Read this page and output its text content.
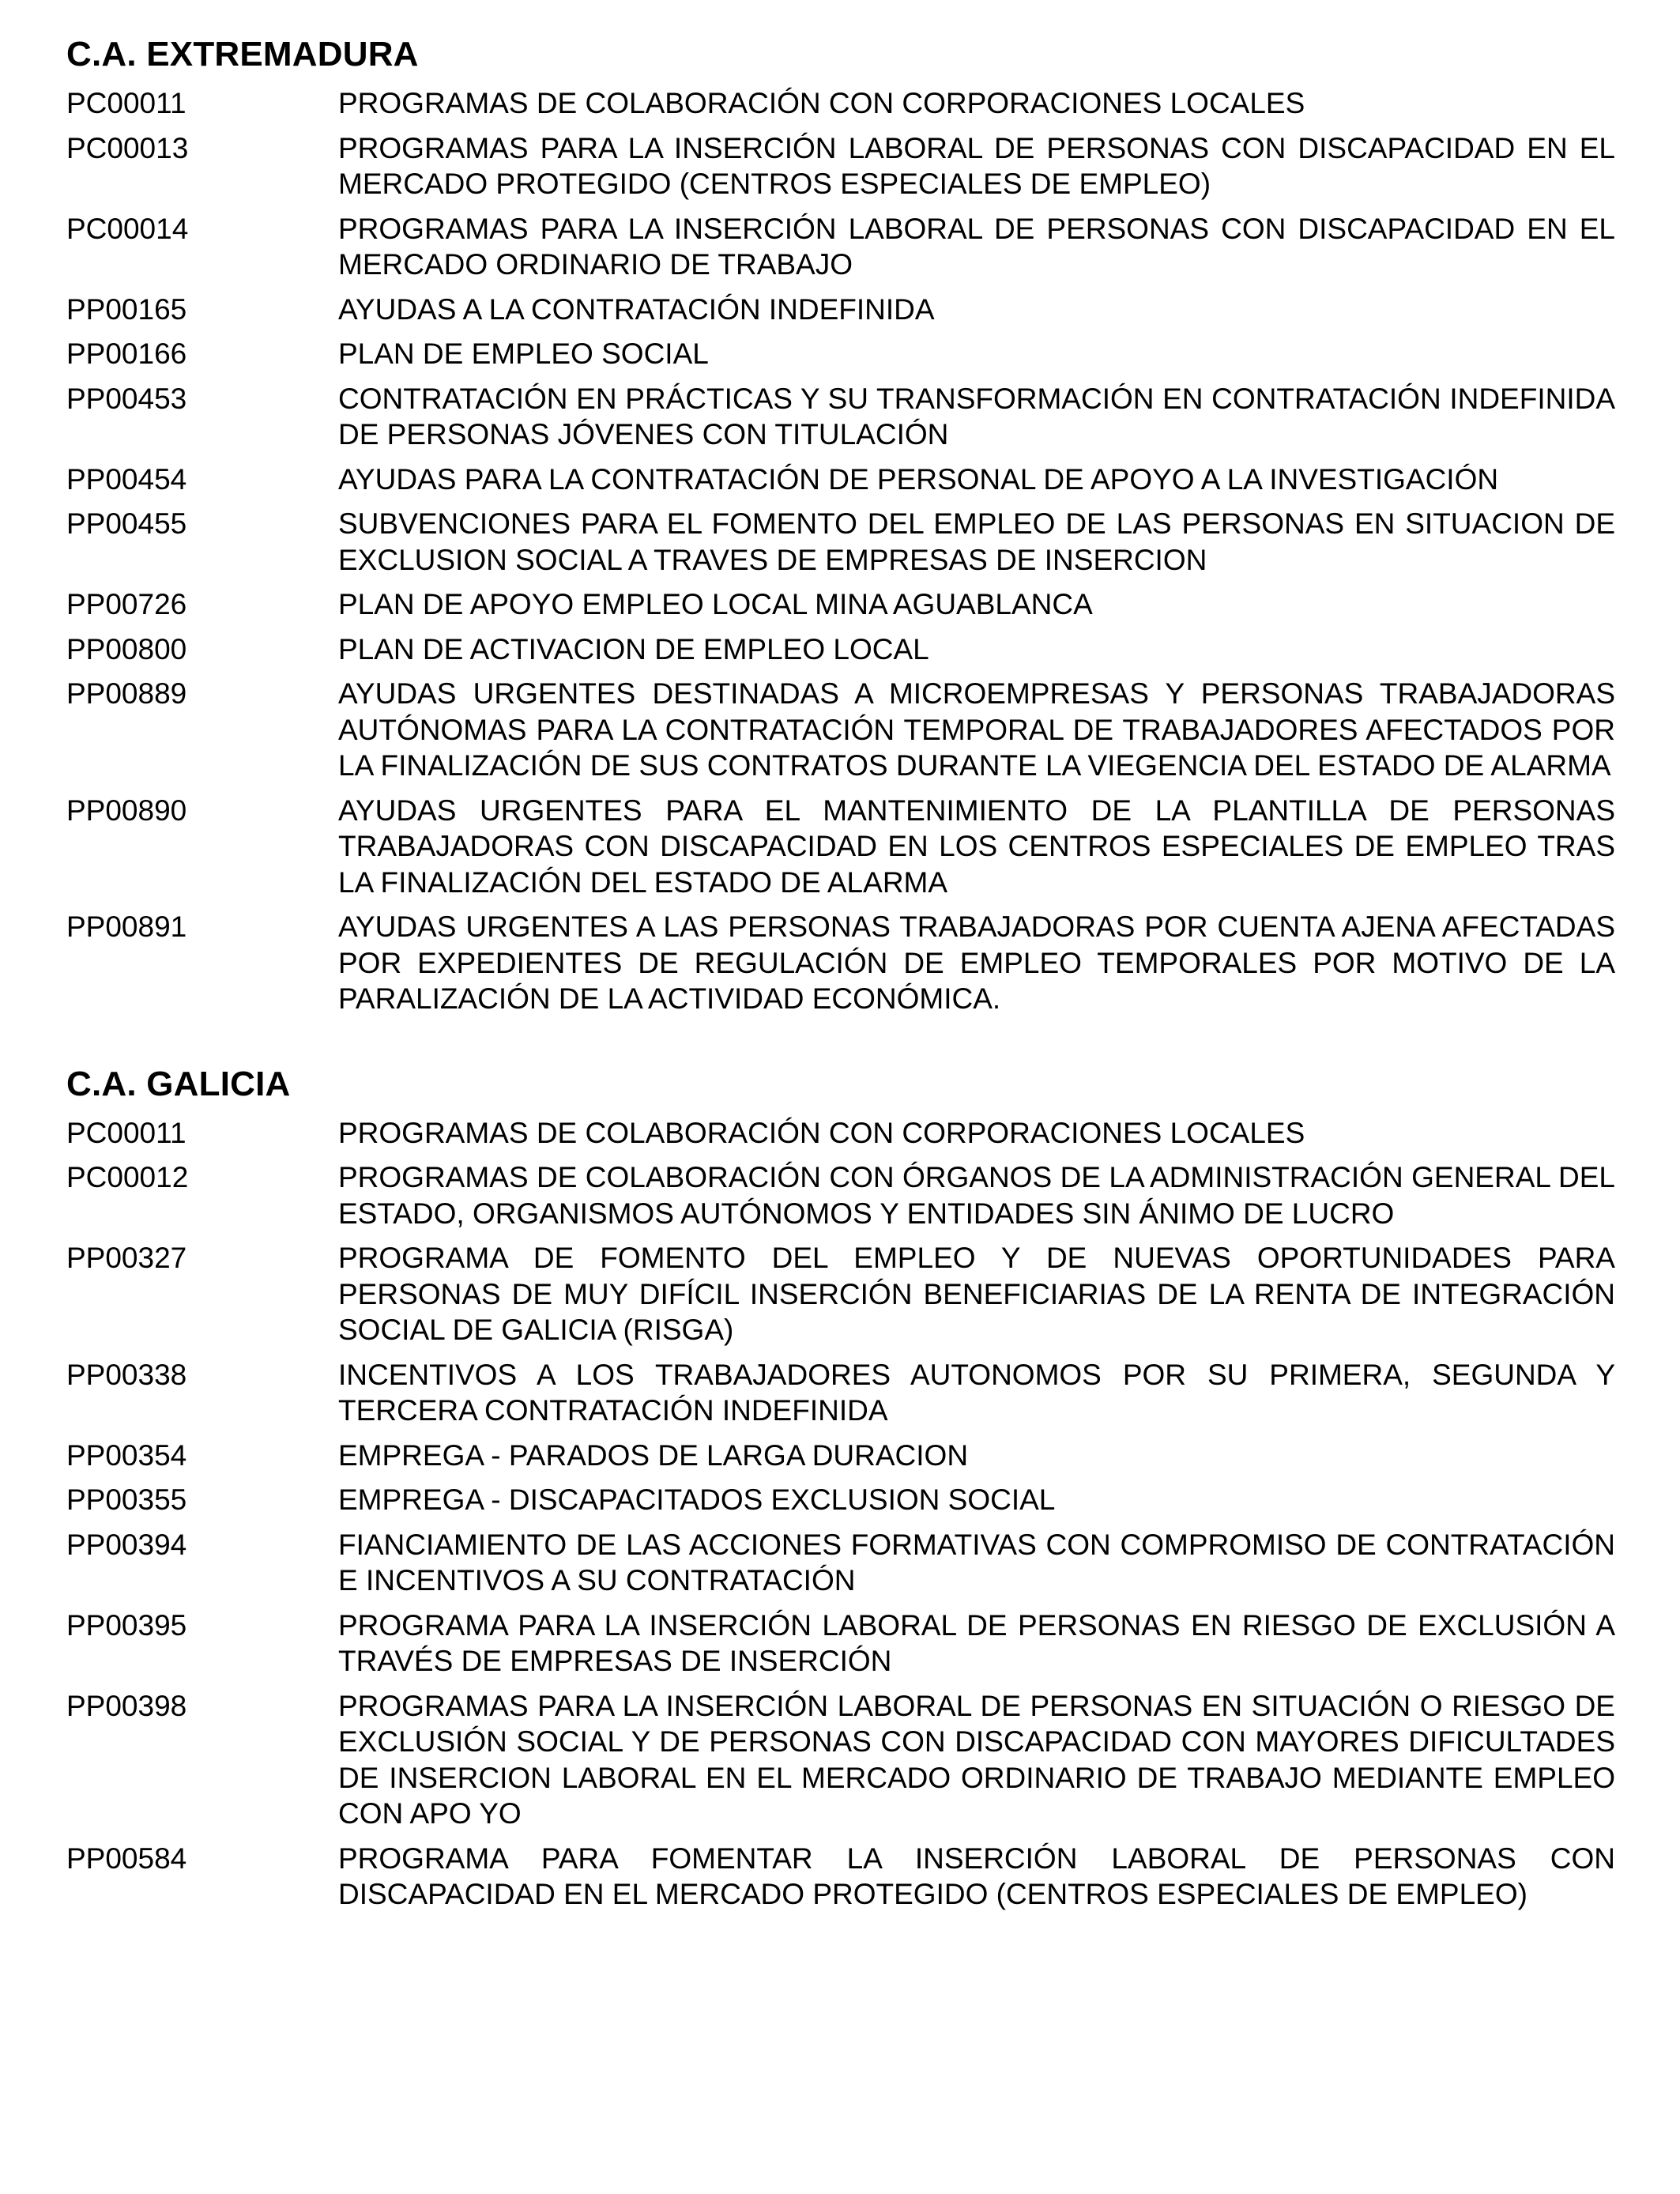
C.A. EXTREMADURA
PC00011	PROGRAMAS DE COLABORACIÓN CON CORPORACIONES LOCALES
PC00013	PROGRAMAS PARA LA INSERCIÓN LABORAL DE PERSONAS CON DISCAPACIDAD EN EL MERCADO PROTEGIDO (CENTROS ESPECIALES DE EMPLEO)
PC00014	PROGRAMAS PARA LA INSERCIÓN LABORAL DE PERSONAS CON DISCAPACIDAD EN EL MERCADO ORDINARIO DE TRABAJO
PP00165	AYUDAS A LA CONTRATACIÓN INDEFINIDA
PP00166	PLAN DE EMPLEO SOCIAL
PP00453	CONTRATACIÓN EN PRÁCTICAS Y SU TRANSFORMACIÓN EN CONTRATACIÓN INDEFINIDA DE PERSONAS JÓVENES CON TITULACIÓN
PP00454	AYUDAS PARA LA CONTRATACIÓN DE PERSONAL DE APOYO A LA INVESTIGACIÓN
PP00455	SUBVENCIONES PARA EL FOMENTO DEL EMPLEO DE LAS PERSONAS EN SITUACION DE EXCLUSION SOCIAL A TRAVES DE EMPRESAS DE INSERCION
PP00726	PLAN DE APOYO EMPLEO LOCAL MINA AGUABLANCA
PP00800	PLAN DE ACTIVACION DE EMPLEO LOCAL
PP00889	AYUDAS URGENTES DESTINADAS A MICROEMPRESAS Y PERSONAS TRABAJADORAS AUTÓNOMAS PARA LA CONTRATACIÓN TEMPORAL DE TRABAJADORES AFECTADOS POR LA FINALIZACIÓN DE SUS CONTRATOS DURANTE LA VIEGENCIA DEL ESTADO DE ALARMA
PP00890	AYUDAS URGENTES PARA EL MANTENIMIENTO DE LA PLANTILLA DE PERSONAS TRABAJADORAS CON DISCAPACIDAD EN LOS CENTROS ESPECIALES DE EMPLEO TRAS LA FINALIZACIÓN DEL ESTADO DE ALARMA
PP00891	AYUDAS URGENTES A LAS PERSONAS TRABAJADORAS POR CUENTA AJENA AFECTADAS POR EXPEDIENTES DE REGULACIÓN DE EMPLEO TEMPORALES POR MOTIVO DE LA PARALIZACIÓN DE LA ACTIVIDAD ECONÓMICA.
C.A. GALICIA
PC00011	PROGRAMAS DE COLABORACIÓN CON CORPORACIONES LOCALES
PC00012	PROGRAMAS DE COLABORACIÓN CON ÓRGANOS DE LA ADMINISTRACIÓN GENERAL DEL ESTADO, ORGANISMOS AUTÓNOMOS Y ENTIDADES SIN ÁNIMO DE LUCRO
PP00327	PROGRAMA DE FOMENTO DEL EMPLEO Y DE NUEVAS OPORTUNIDADES PARA PERSONAS DE MUY DIFÍCIL INSERCIÓN BENEFICIARIAS DE LA RENTA DE INTEGRACIÓN SOCIAL DE GALICIA (RISGA)
PP00338	INCENTIVOS A LOS TRABAJADORES AUTONOMOS POR SU PRIMERA, SEGUNDA Y TERCERA CONTRATACIÓN INDEFINIDA
PP00354	EMPREGA - PARADOS DE LARGA DURACION
PP00355	EMPREGA - DISCAPACITADOS EXCLUSION SOCIAL
PP00394	FIANCIAMIENTO DE LAS ACCIONES FORMATIVAS CON COMPROMISO DE CONTRATACIÓN E INCENTIVOS A SU CONTRATACIÓN
PP00395	PROGRAMA PARA LA INSERCIÓN LABORAL DE PERSONAS EN RIESGO DE EXCLUSIÓN A TRAVÉS DE EMPRESAS DE INSERCIÓN
PP00398	PROGRAMAS PARA LA INSERCIÓN LABORAL DE PERSONAS EN SITUACIÓN O RIESGO DE EXCLUSIÓN SOCIAL Y DE PERSONAS CON DISCAPACIDAD CON MAYORES DIFICULTADES DE INSERCION LABORAL EN EL MERCADO ORDINARIO DE TRABAJO MEDIANTE EMPLEO CON APO YO
PP00584	PROGRAMA PARA FOMENTAR LA INSERCIÓN LABORAL DE PERSONAS CON DISCAPACIDAD EN EL MERCADO PROTEGIDO (CENTROS ESPECIALES DE EMPLEO)
